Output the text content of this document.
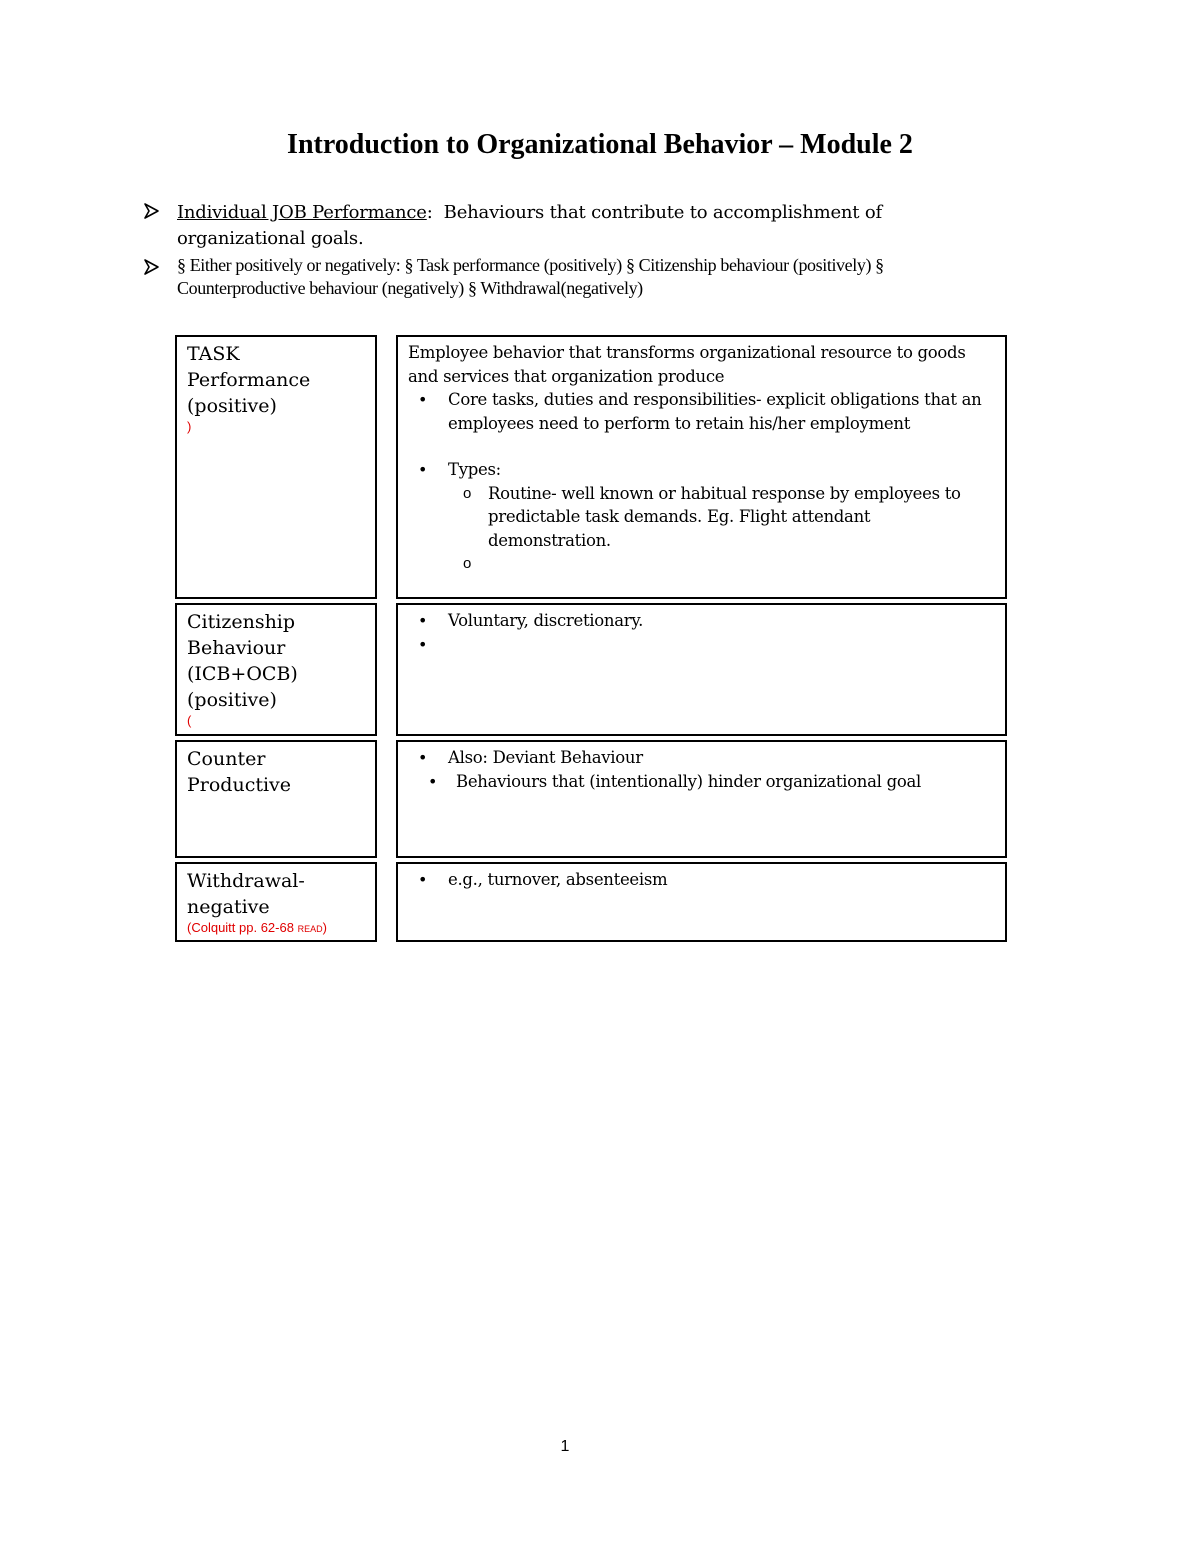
Introduction to Organizational Behavior – Module 2
Individual JOB Performance: Behaviours that contribute to accomplishment of organizational goals.
§ Either positively or negatively: § Task performance (positively) § Citizenship behaviour (positively) § Counterproductive behaviour (negatively) § Withdrawal(negatively)
TASK
Performance
(positive)
)
Employee behavior that transforms organizational resource to goods and services that organization produce
• Core tasks, duties and responsibilities- explicit obligations that an employees need to perform to retain his/her employment
• Types:
o Routine- well known or habitual response by employees to predictable task demands. Eg. Flight attendant demonstration.
o

Citizenship
Behaviour
(ICB+OCB)
(positive)
(
• Voluntary, discretionary.
•

Counter
Productive
• Also: Deviant Behaviour
• Behaviours that (intentionally) hinder organizational goal
Withdrawal-
negative
(Colquitt pp. 62-68 READ)
• e.g., turnover, absenteeism
1
